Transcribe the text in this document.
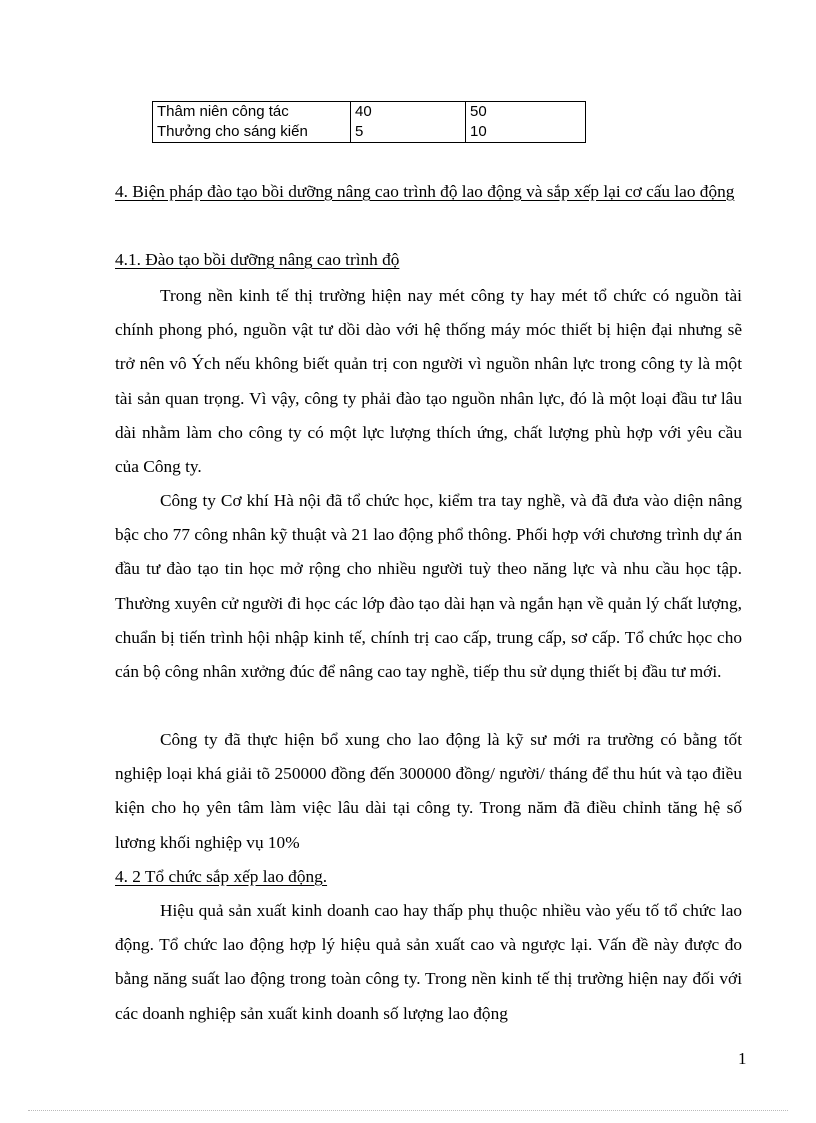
Thâm niên công tác	40	50
Thưởng cho sáng kiến	5	10
4. Biện pháp đào tạo bồi dưỡng nâng cao trình độ lao động và sắp xếp lại cơ cấu lao động
4.1. Đào tạo bồi dưỡng nâng cao trình độ

Trong nền kinh tế thị trường hiện nay mét công ty hay mét tổ chức có nguồn tài chính phong phó, nguồn vật tư dồi dào với hệ thống máy móc thiết bị hiện đại nhưng sẽ trở nên vô Ých nếu không biết quản trị con người vì nguồn nhân lực trong công ty là một tài sản quan trọng. Vì vậy, công ty phải đào tạo nguồn nhân lực, đó là một loại đầu tư lâu dài nhằm làm cho công ty có một lực lượng thích ứng, chất lượng phù hợp với yêu cầu của Công ty.

Công ty Cơ khí Hà nội đã tổ chức học, kiểm tra tay nghề, và đã đưa vào diện nâng bậc cho 77 công nhân kỹ thuật và 21 lao động phổ thông. Phối hợp với chương trình dự án đầu tư đào tạo tin học mở rộng cho nhiều người tuỳ theo năng lực và nhu cầu học tập. Thường xuyên cử người đi học các lớp đào tạo dài hạn và ngắn hạn về quản lý chất lượng, chuẩn bị tiến trình hội nhập kinh tế, chính trị cao cấp, trung cấp, sơ cấp. Tổ chức học cho cán bộ công nhân xưởng đúc để nâng cao tay nghề, tiếp thu sử dụng thiết bị đầu tư mới.

Công ty đã thực hiện bổ xung cho lao động là kỹ sư mới ra trường có bằng tốt nghiệp loại khá giải tõ 250000 đồng đến 300000 đồng/ người/ tháng để thu hút và tạo điều kiện cho họ yên tâm làm việc lâu dài tại công ty. Trong năm đã điều chỉnh tăng hệ số lương khối nghiệp vụ 10%

4. 2 Tổ chức sắp xếp lao động.

Hiệu quả sản xuất kinh doanh cao hay thấp phụ thuộc nhiều vào yếu tố tổ chức lao động. Tổ chức lao động hợp lý hiệu quả sản xuất cao và ngược lại. Vấn đề này được đo bằng năng suất lao động trong toàn công ty. Trong nền kinh tế thị trường hiện nay đối với các doanh nghiệp sản xuất kinh doanh số lượng lao động

1
